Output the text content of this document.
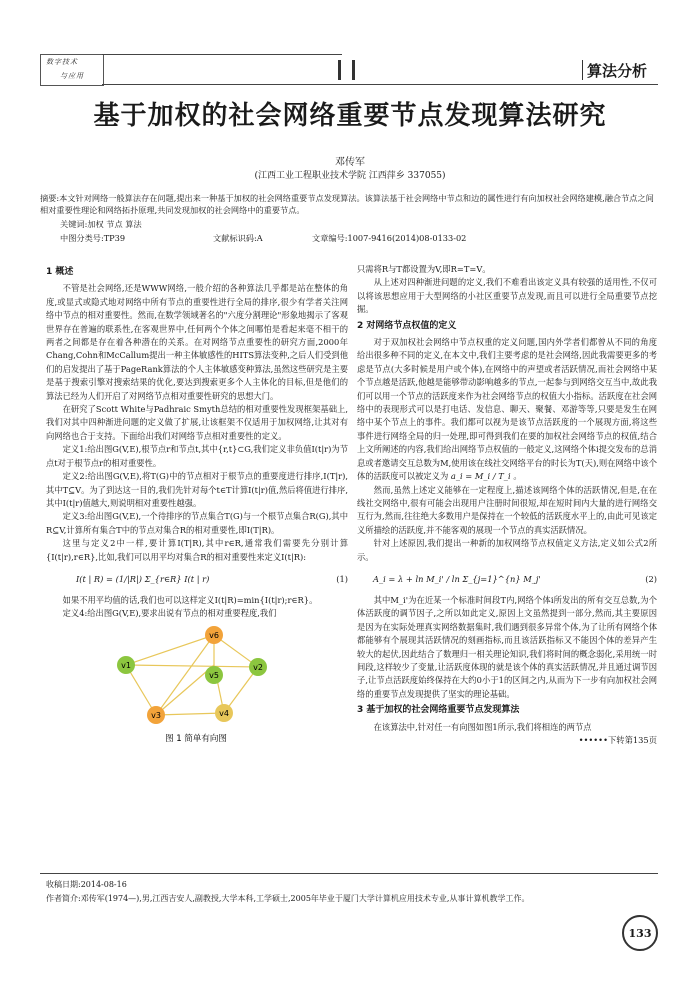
数字技术
与应用	算法分析
基于加权的社会网络重要节点发现算法研究
邓传军
(江西工业工程职业技术学院 江西萍乡 337055)
摘要:本文针对网络一般算法存在问题,提出来一种基于加权的社会网络重要节点发现算法。该算法基于社会网络中节点和边的属性进行有向加权社会网络建模,融合节点之间相对重要性理论和网络拓扑原理,共同发现加权的社会网络中的重要节点。
关键词:加权 节点 算法
中图分类号:TP39	文献标识码:A	文章编号:1007-9416(2014)08-0133-02
1 概述

不管是社会网络,还是WWW网络,一般介绍的各种算法几乎都是站在整体的角度,或显式或隐式地对网络中所有节点的重要性进行全局的排序,很少有学者关注网络中节点的相对重要性。然而,在数学领域著名的"六度分割理论"形象地揭示了客观世界存在普遍的联系性,在客观世界中,任何两个个体之间哪怕是看起来毫不相干的两者之间都是存在着各种潜在的关系。在对网络节点重要性的研究方面,2000年Chang,Cohn和McCallum提出一种主体敏感性的HITS算法变种,之后人们受到他们的启发提出了基于PageRank算法的个人主体敏感变种算法,虽然这些研究是主要是基于搜索引擎对搜索结果的优化,要达到搜索更多个人主体化的目标,但是他们的算法已经为人们开启了对网络节点相对重要性研究的思想大门。

在研究了Scott White与Padhraic Smyth总结的相对重要性发现框架基础上,我们对其中四种渐进问题的定义做了扩展,让该框架不仅适用于加权网络,让其对有向网络也合于支持。下面给出我们对网络节点相对重要性的定义。

定义1:给出图G(V,E),根节点r和节点t,其中{r,t}⊂G,我们定义非负值I(t|r)为节点t对于根节点r的相对重要性。

定义2:给出图G(V,E),将T(G)中的节点相对于根节点的重要度进行排序,I(T|r),其中T⊆V。为了到达这一目的,我们先针对每个t∈T计算I(t|r)值,然后将值进行排序,其中I(t|r)值越大,则说明相对重要性越强。

定义3:给出图G(V,E),一个待排序的节点集合T(G)与一个根节点集合R(G),其中R⊆V,计算所有集合T中的节点对集合R的相对重要性,即I(T|R)。

这里与定义2中一样,要计算I(T|R),其中r∈R,通常我们需要先分别计算{I(t|r),r∈R},比如,我们可以用平均对集合R的相对重要性来定义I(t|R):

I(t | R) = (1/|R|) Σ_{r∈R} I(t | r)	(1)

如果不用平均值的话,我们也可以这样定义I(t|R)=min{I(t|r);r∈R}。

定义4:给出图G(V,E),要求出说有节点的相对重要程度,我们

v6
v1	v2
v5
v3	v4
图 1 简单有向图

只需将R与T都设置为V,即R=T=V。

从上述对四种渐进问题的定义,我们不难看出该定义具有较强的适用性,不仅可以将该思想应用于大型网络的小社区重要节点发现,而且可以进行全局重要节点挖掘。

2 对网络节点权值的定义

对于双加权社会网络中节点权重的定义问题,国内外学者们都曾从不同的角度给出很多种不同的定义,在本文中,我们主要考虑的是社会网络,因此我需要更多的考虑是节点(大多时候是用户或个体),在网络中的声望或者活跃情况,而社会网络中某个节点越是活跃,他越是能够带动影响越多的节点,一起参与到网络交互当中,故此我们可以用一个节点的活跃度来作为社会网络节点的权值大小指标。活跃度在社会网络中的表现形式可以是打电话、发信息、聊天、聚餐、邓游等等,只要是发生在网络中某个节点上的事件。我们都可以视为是该节点活跃度的一个展现方面,将这些事件进行网络全局的归一处理,即可得到我们在要的加权社会网络节点的权值,结合上文所阐述的内容,我们给出网络节点权值的一般定义,这网络个体i提交发布的总消息或者邀请交互总数为M,使用该在线社交网络平台的时长为T(天),则在网络中该个体的活跃度可以被定义为 a_i = M_i / T_i 。

然而,虽然上述定义能够在一定程度上,描述该网络个体的活跃情况,但是,在在线社交网络中,很有可能会出现用户注册时间很短,却在短时间内大量的进行网络交互行为,然而,往往绝大多数用户是保持在一个较低的活跃度水平上的,由此可见该定义所描绘的活跃度,并不能客观的展现一个节点的真实活跃情况。

针对上述原因,我们提出一种新的加权网络节点权值定义方法,定义如公式2所示。

A_i = λ + ln M_i' / ln Σ_{j=1}^{n} M_j'	(2)

其中M_i'为在近某一个标准时间段T内,网络个体i所发出的所有交互总数,为个体活跃度的调节因子,之所以如此定义,原因上文虽然提到一部分,然而,其主要原因是因为在实际处理真实网络数据集时,我们遇到很多异常个体,为了让所有网络个体都能够有个展现其活跃情况的刻画指标,而且该活跃指标又不能因个体的差异产生较大的起伏,因此结合了数理归一相关理论知识,我们将时间的概念弱化,采用统一时间段,这样较少了变量,让活跃度体现的就是该个体的真实活跃情况,并且通过调节因子,让节点活跃度始终保持在大约0小于1的区间之内,从而为下一步有向加权社会网络的重要节点发现提供了坚实的理论基础。

3 基于加权的社会网络重要节点发现算法

在该算法中,针对任一有向图如图1所示,我们将相连的两节点

••••••下转第135页
收稿日期:2014-08-16
作者简介:邓传军(1974—),男,江西吉安人,副教授,大学本科,工学硕士,2005年毕业于厦门大学计算机应用技术专业,从事计算机教学工作。
133
